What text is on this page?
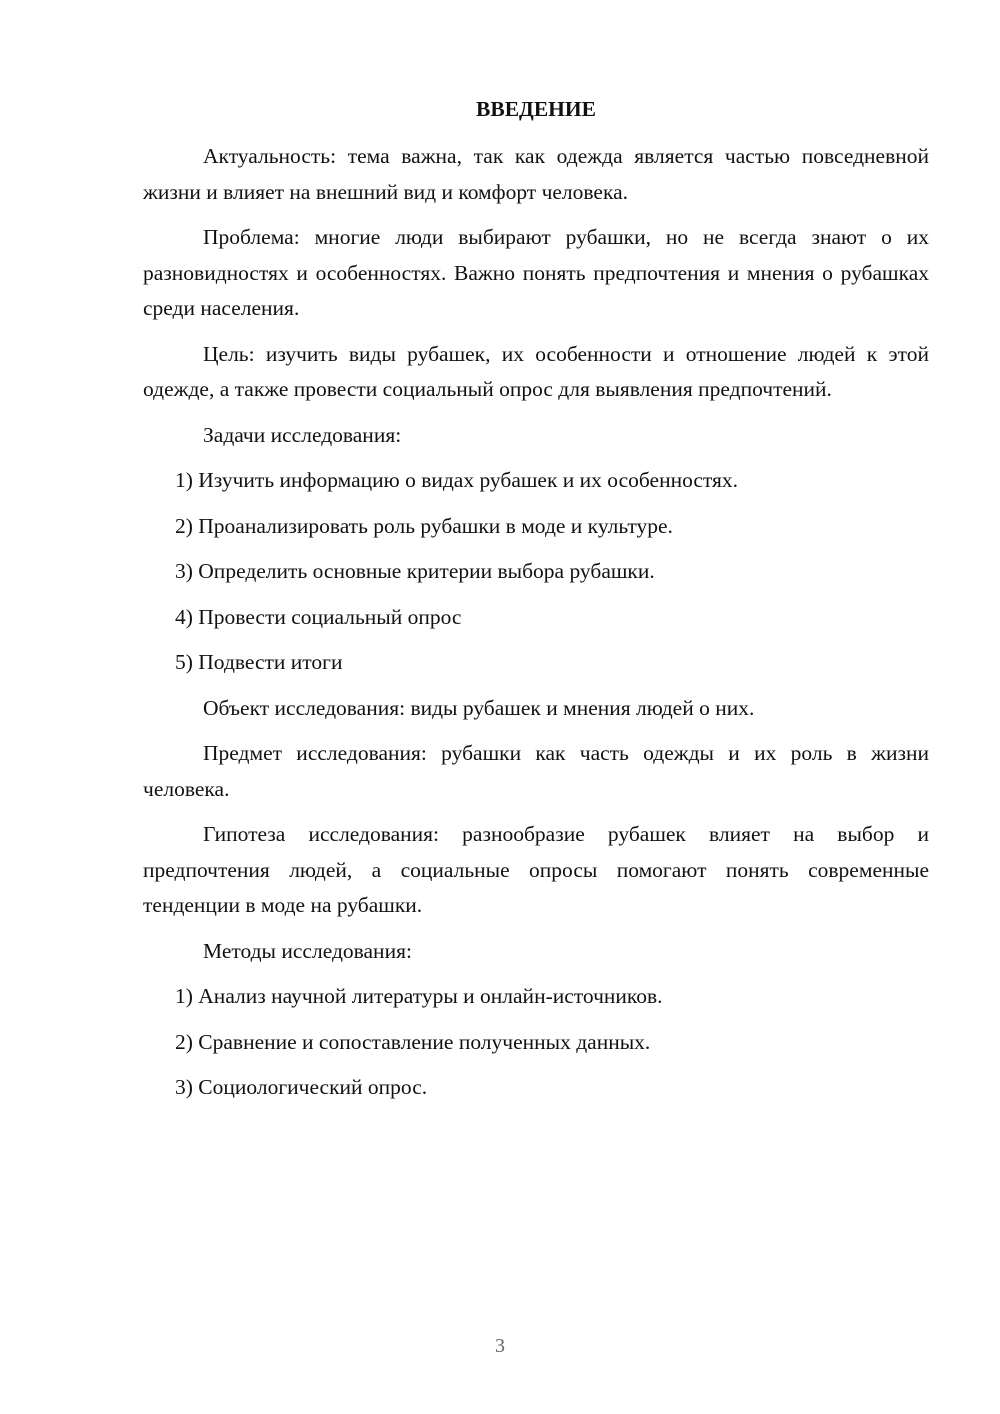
ВВЕДЕНИЕ

Актуальность: тема важна, так как одежда является частью повседневной жизни и влияет на внешний вид и комфорт человека.

Проблема: многие люди выбирают рубашки, но не всегда знают о их разновидностях и особенностях. Важно понять предпочтения и мнения о рубашках среди населения.

Цель: изучить виды рубашек, их особенности и отношение людей к этой одежде, а также провести социальный опрос для выявления предпочтений.

Задачи исследования:

1) Изучить информацию о видах рубашек и их особенностях.

2) Проанализировать роль рубашки в моде и культуре.

3) Определить основные критерии выбора рубашки.

4) Провести социальный опрос

5) Подвести итоги

Объект исследования: виды рубашек и мнения людей о них.

Предмет исследования: рубашки как часть одежды и их роль в жизни человека.

Гипотеза исследования: разнообразие рубашек влияет на выбор и предпочтения людей, а социальные опросы помогают понять современные тенденции в моде на рубашки.

Методы исследования:

1) Анализ научной литературы и онлайн-источников.

2) Сравнение и сопоставление полученных данных.

3) Социологический опрос.

3
